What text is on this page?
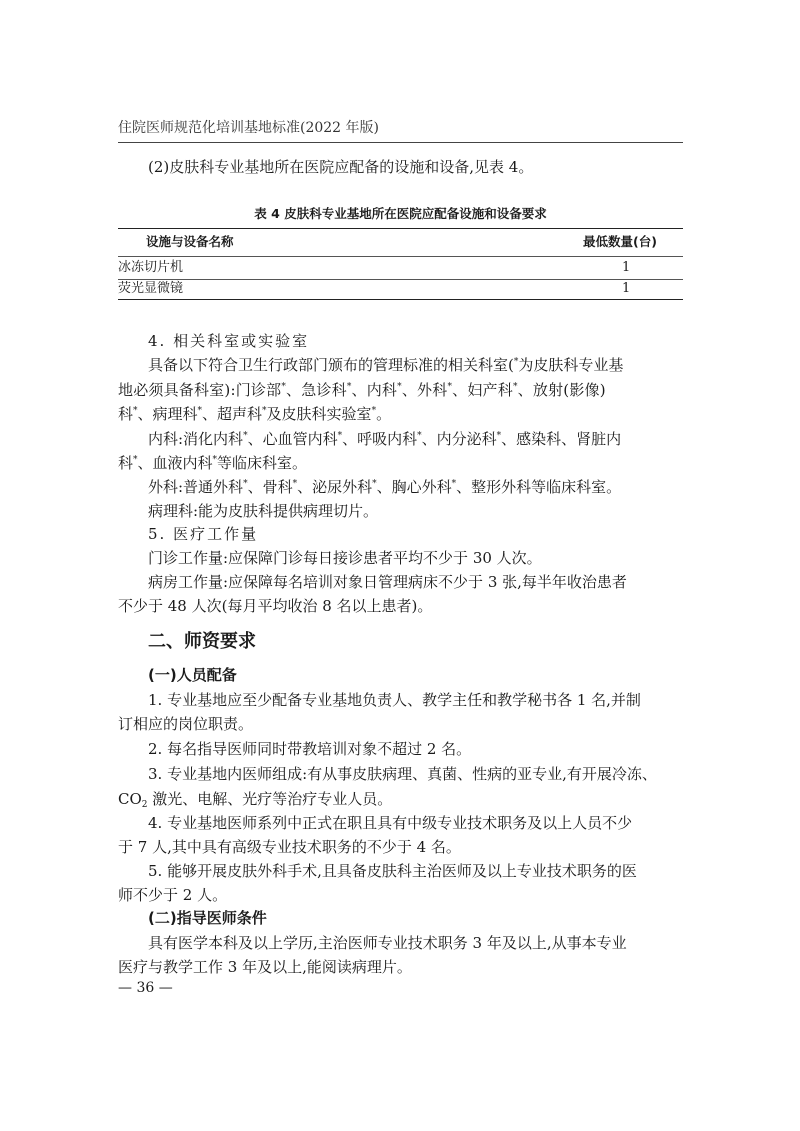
住院医师规范化培训基地标准(2022 年版)
(2)皮肤科专业基地所在医院应配备的设施和设备,见表 4。
表 4 皮肤科专业基地所在医院应配备设施和设备要求
设施与设备名称	最低数量(台)
冰冻切片机	1
荧光显微镜	1
4. 相关科室或实验室
具备以下符合卫生行政部门颁布的管理标准的相关科室(*为皮肤科专业基
地必须具备科室):门诊部*、急诊科*、内科*、外科*、妇产科*、放射(影像)
科*、病理科*、超声科*及皮肤科实验室*。
内科:消化内科*、心血管内科*、呼吸内科*、内分泌科*、感染科、肾脏内
科*、血液内科*等临床科室。
外科:普通外科*、骨科*、泌尿外科*、胸心外科*、整形外科等临床科室。
病理科:能为皮肤科提供病理切片。
5. 医疗工作量
门诊工作量:应保障门诊每日接诊患者平均不少于 30 人次。
病房工作量:应保障每名培训对象日管理病床不少于 3 张,每半年收治患者
不少于 48 人次(每月平均收治 8 名以上患者)。
二、师资要求
(一)人员配备
1. 专业基地应至少配备专业基地负责人、教学主任和教学秘书各 1 名,并制
订相应的岗位职责。
2. 每名指导医师同时带教培训对象不超过 2 名。
3. 专业基地内医师组成:有从事皮肤病理、真菌、性病的亚专业,有开展冷冻、
$CO_2$ 激光、电解、光疗等治疗专业人员。
4. 专业基地医师系列中正式在职且具有中级专业技术职务及以上人员不少
于 7 人,其中具有高级专业技术职务的不少于 4 名。
5. 能够开展皮肤外科手术,且具备皮肤科主治医师及以上专业技术职务的医
师不少于 2 人。
(二)指导医师条件
具有医学本科及以上学历,主治医师专业技术职务 3 年及以上,从事本专业
医疗与教学工作 3 年及以上,能阅读病理片。
— 36 —
